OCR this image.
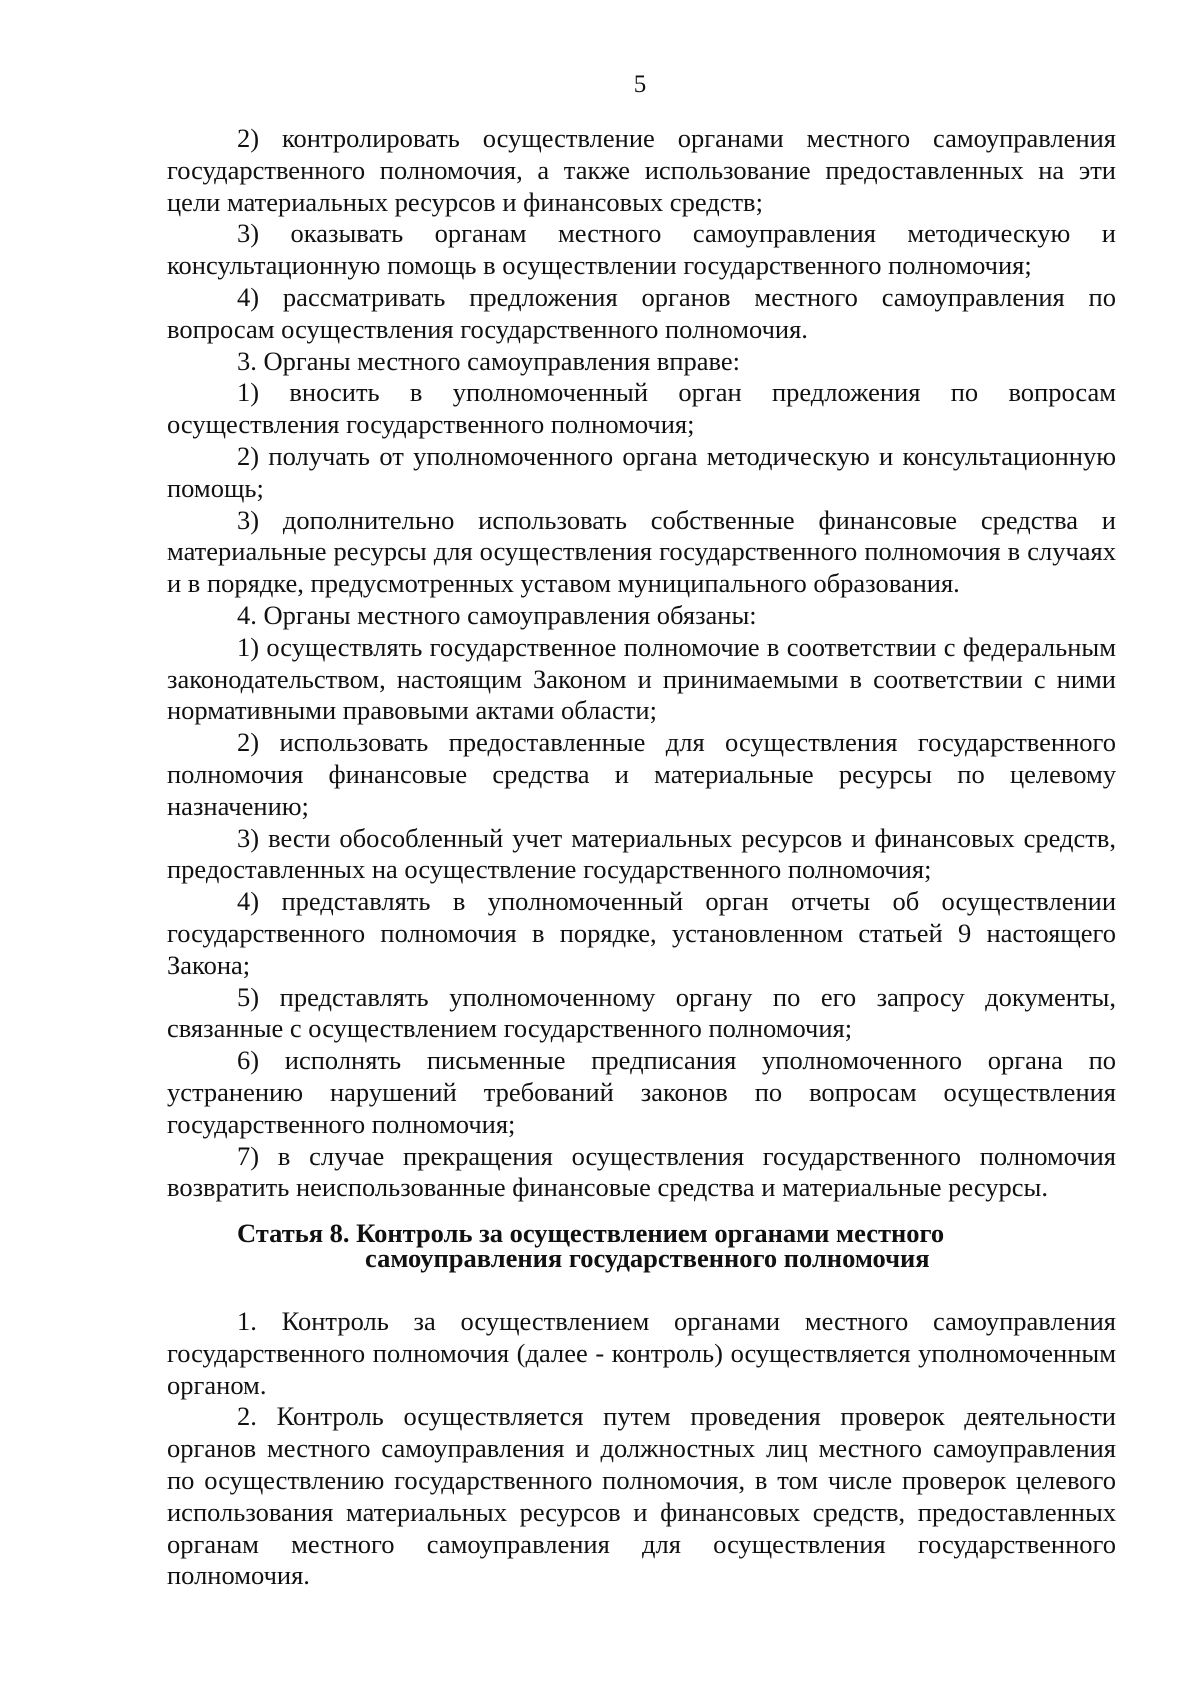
5

2) контролировать осуществление органами местного самоуправления государственного полномочия, а также использование предоставленных на эти цели материальных ресурсов и финансовых средств;

3) оказывать органам местного самоуправления методическую и консультационную помощь в осуществлении государственного полномочия;

4) рассматривать предложения органов местного самоуправления по вопросам осуществления государственного полномочия.

3. Органы местного самоуправления вправе:

1) вносить в уполномоченный орган предложения по вопросам осуществления государственного полномочия;

2) получать от уполномоченного органа методическую и консультационную помощь;

3) дополнительно использовать собственные финансовые средства и материальные ресурсы для осуществления государственного полномочия в случаях и в порядке, предусмотренных уставом муниципального образования.

4. Органы местного самоуправления обязаны:

1) осуществлять государственное полномочие в соответствии с федеральным законодательством, настоящим Законом и принимаемыми в соответствии с ними нормативными правовыми актами области;

2) использовать предоставленные для осуществления государственного полномочия финансовые средства и материальные ресурсы по целевому назначению;

3) вести обособленный учет материальных ресурсов и финансовых средств, предоставленных на осуществление государственного полномочия;

4) представлять в уполномоченный орган отчеты об осуществлении государственного полномочия в порядке, установленном статьей 9 настоящего Закона;

5) представлять уполномоченному органу по его запросу документы, связанные с осуществлением государственного полномочия;

6) исполнять письменные предписания уполномоченного органа по устранению нарушений требований законов по вопросам осуществления государственного полномочия;

7) в случае прекращения осуществления государственного полномочия возвратить неиспользованные финансовые средства и материальные ресурсы.

Статья 8. Контроль за осуществлением органами местного
самоуправления государственного полномочия

1. Контроль за осуществлением органами местного самоуправления государственного полномочия (далее - контроль) осуществляется уполномоченным органом.

2. Контроль осуществляется путем проведения проверок деятельности органов местного самоуправления и должностных лиц местного самоуправления по осуществлению государственного полномочия, в том числе проверок целевого использования материальных ресурсов и финансовых средств, предоставленных органам местного самоуправления для осуществления государственного полномочия.
